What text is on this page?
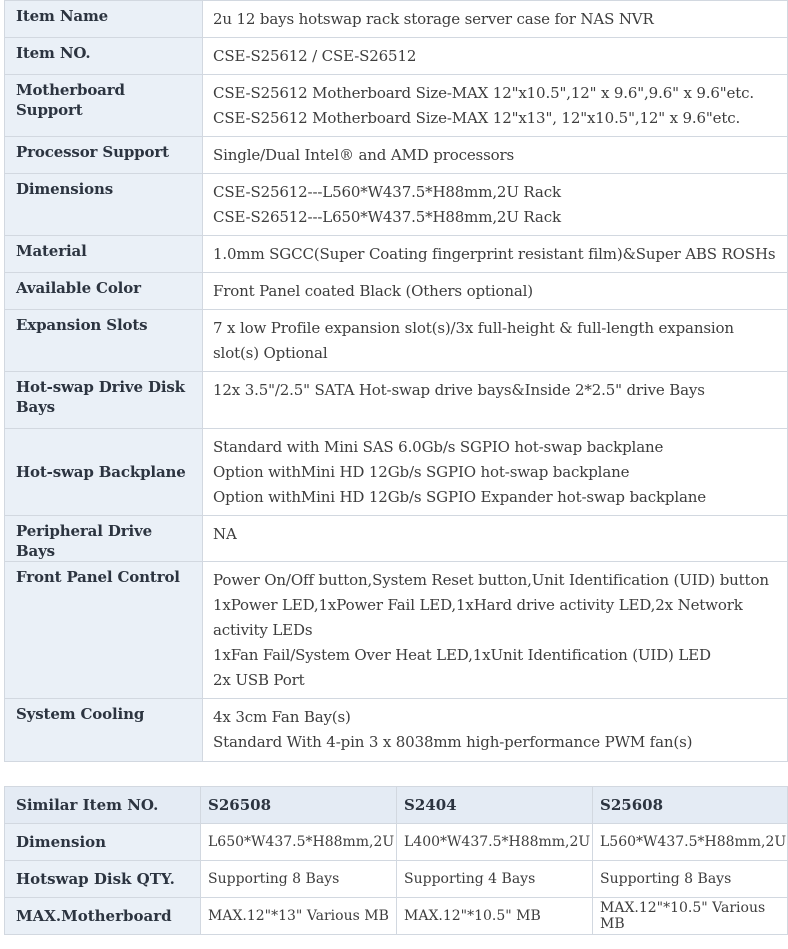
Item Name	2u 12 bays hotswap rack storage server case for NAS NVR

Item NO.	CSE-S25612 / CSE-S26512

Motherboard Support	CSE-S25612 Motherboard Size-MAX 12"x10.5",12" x 9.6",9.6" x 9.6"etc.
CSE-S25612 Motherboard Size-MAX 12"x13", 12"x10.5",12" x 9.6"etc.

Processor Support	Single/Dual Intel® and AMD processors

Dimensions	CSE-S25612---L560*W437.5*H88mm,2U Rack
CSE-S26512---L650*W437.5*H88mm,2U Rack

Material	1.0mm SGCC(Super Coating fingerprint resistant film)&Super ABS ROSHs

Available Color	Front Panel coated Black (Others optional)

Expansion Slots	7 x low Profile expansion slot(s)/3x full-height & full-length expansion slot(s) Optional

Hot-swap Drive Disk Bays	12x 3.5"/2.5" SATA Hot-swap drive bays&Inside 2*2.5" drive Bays

Hot-swap Backplane	Standard with Mini SAS 6.0Gb/s SGPIO hot-swap backplane
Option withMini HD 12Gb/s SGPIO hot-swap backplane
Option withMini HD 12Gb/s SGPIO Expander hot-swap backplane

Peripheral Drive Bays	NA

Front Panel Control	Power On/Off button,System Reset button,Unit Identification (UID) button
1xPower LED,1xPower Fail LED,1xHard drive activity LED,2x Network activity LEDs
1xFan Fail/System Over Heat LED,1xUnit Identification (UID) LED
2x USB Port

System Cooling	4x 3cm Fan Bay(s)
Standard With 4-pin 3 x 8038mm high-performance PWM fan(s)
Similar Item NO.	S26508	S2404	S25608
Dimension	L650*W437.5*H88mm,2U	L400*W437.5*H88mm,2U	L560*W437.5*H88mm,2U
Hotswap Disk QTY.	Supporting 8 Bays	Supporting 4 Bays	Supporting 8 Bays
MAX.Motherboard	MAX.12"*13" Various MB	MAX.12"*10.5" MB	MAX.12"*10.5" Various MB
